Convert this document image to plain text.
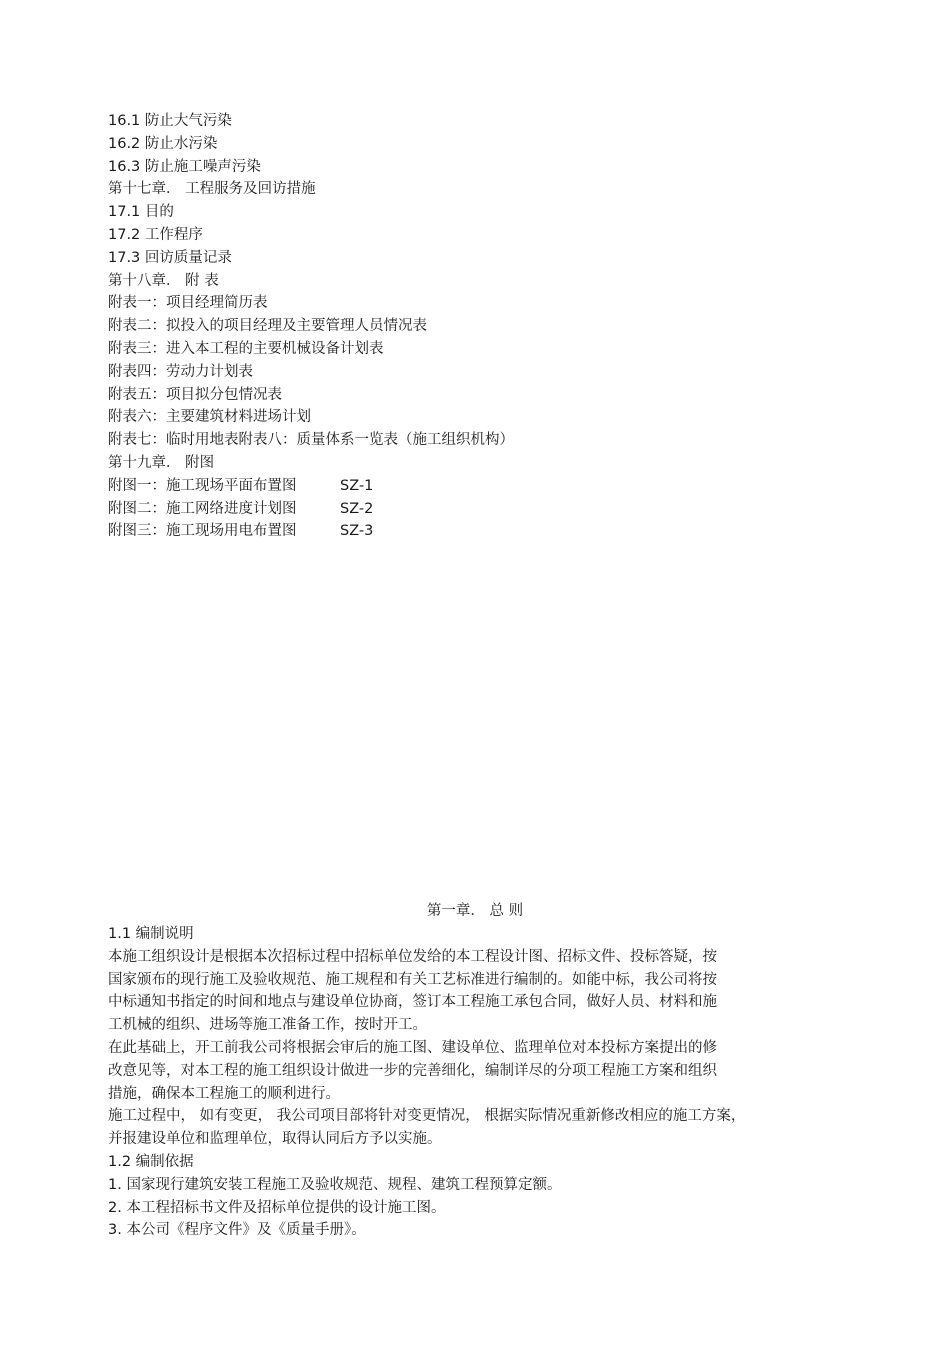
16.1 防止大气污染
16.2 防止水污染
16.3 防止施工噪声污染
第十七章． 工程服务及回访措施
17.1 目的
17.2 工作程序
17.3 回访质量记录
第十八章． 附 表
附表一：项目经理简历表
附表二：拟投入的项目经理及主要管理人员情况表
附表三：进入本工程的主要机械设备计划表
附表四：劳动力计划表
附表五：项目拟分包情况表
附表六：主要建筑材料进场计划
附表七：临时用地表附表八：质量体系一览表（施工组织机构）
第十九章． 附图
附图一：施工现场平面布置图	SZ-1
附图二：施工网络进度计划图	SZ-2
附图三：施工现场用电布置图	SZ-3
第一章． 总 则
1.1 编制说明
本施工组织设计是根据本次招标过程中招标单位发给的本工程设计图、招标文件、投标答疑，按
国家颁布的现行施工及验收规范、施工规程和有关工艺标准进行编制的。如能中标，我公司将按
中标通知书指定的时间和地点与建设单位协商，签订本工程施工承包合同，做好人员、材料和施
工机械的组织、进场等施工准备工作，按时开工。
在此基础上，开工前我公司将根据会审后的施工图、建设单位、监理单位对本投标方案提出的修
改意见等，对本工程的施工组织设计做进一步的完善细化，编制详尽的分项工程施工方案和组织
措施，确保本工程施工的顺利进行。
施工过程中， 如有变更， 我公司项目部将针对变更情况， 根据实际情况重新修改相应的施工方案，
并报建设单位和监理单位，取得认同后方予以实施。
1.2 编制依据
1. 国家现行建筑安装工程施工及验收规范、规程、建筑工程预算定额。
2. 本工程招标书文件及招标单位提供的设计施工图。
3. 本公司《程序文件》及《质量手册》。
